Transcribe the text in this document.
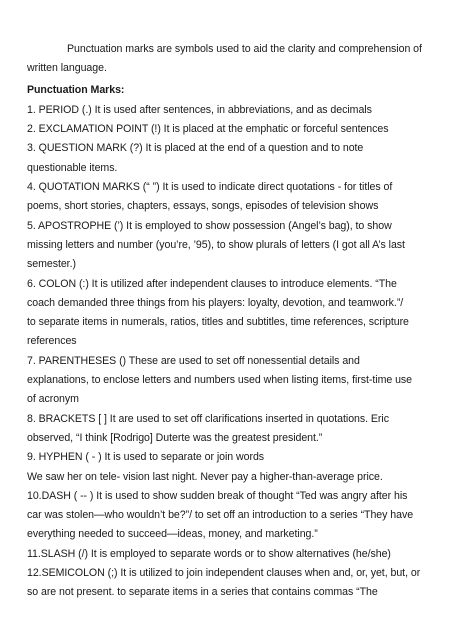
Punctuation marks are symbols used to aid the clarity and comprehension of
written language.
Punctuation Marks:
1. PERIOD (.) It is used after sentences, in abbreviations, and as decimals
2. EXCLAMATION POINT (!) It is placed at the emphatic or forceful sentences
3. QUESTION MARK (?) It is placed at the end of a question and to note
questionable items.
4. QUOTATION MARKS (“ ”) It is used to indicate direct quotations - for titles of
poems, short stories, chapters, essays, songs, episodes of television shows
5. APOSTROPHE (’) It is employed to show possession (Angel’s bag), to show
missing letters and number (you’re, ’95), to show plurals of letters (I got all A’s last
semester.)
6. COLON (:) It is utilized after independent clauses to introduce elements. “The
coach demanded three things from his players: loyalty, devotion, and teamwork.”/
to separate items in numerals, ratios, titles and subtitles, time references, scripture
references
7. PARENTHESES () These are used to set off nonessential details and
explanations, to enclose letters and numbers used when listing items, first-time use
of acronym
8. BRACKETS [ ] It are used to set off clarifications inserted in quotations. Eric
observed, “I think [Rodrigo] Duterte was the greatest president.”
9. HYPHEN ( - ) It is used to separate or join words
We saw her on tele- vision last night. Never pay a higher-than-average price.
10.DASH ( -- ) It is used to show sudden break of thought “Ted was angry after his
car was stolen—who wouldn’t be?”/ to set off an introduction to a series “They have
everything needed to succeed—ideas, money, and marketing.”
11.SLASH (/) It is employed to separate words or to show alternatives (he/she)
12.SEMICOLON (;) It is utilized to join independent clauses when and, or, yet, but, or
so are not present. to separate items in a series that contains commas “The
